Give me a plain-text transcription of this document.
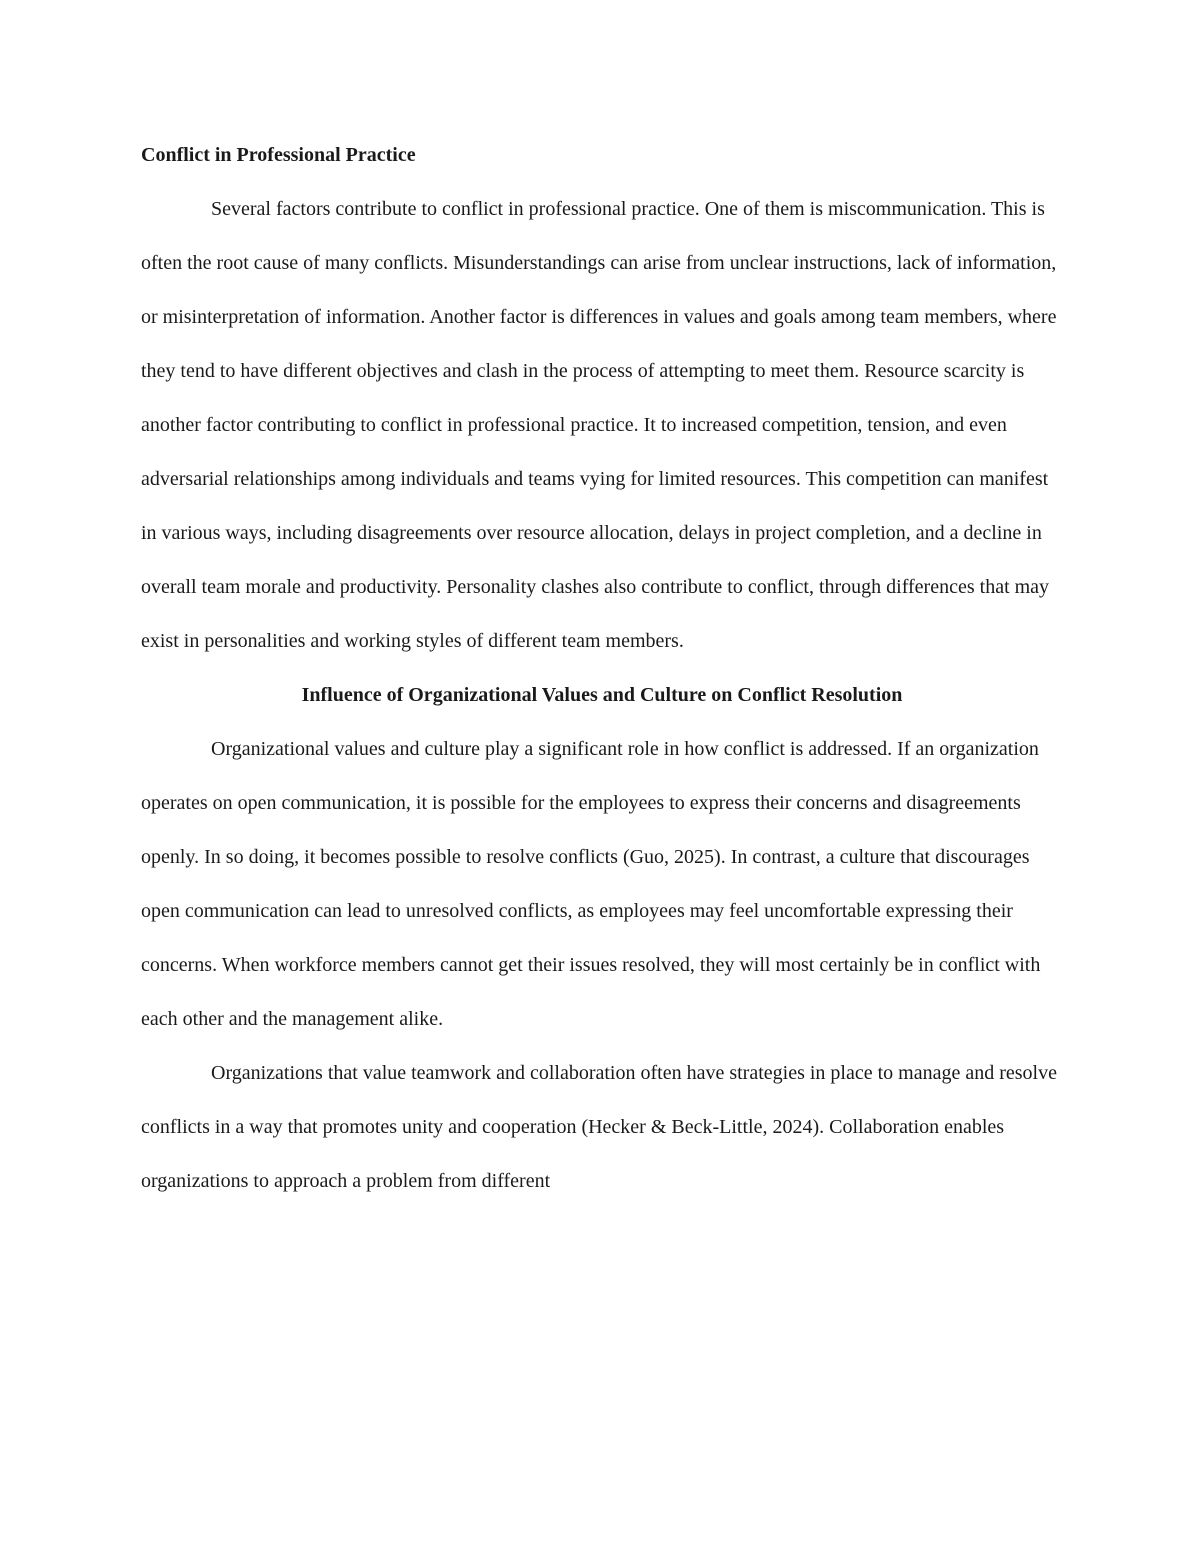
Conflict in Professional Practice

Several factors contribute to conflict in professional practice. One of them is miscommunication. This is often the root cause of many conflicts. Misunderstandings can arise from unclear instructions, lack of information, or misinterpretation of information. Another factor is differences in values and goals among team members, where they tend to have different objectives and clash in the process of attempting to meet them. Resource scarcity is another factor contributing to conflict in professional practice. It to increased competition, tension, and even adversarial relationships among individuals and teams vying for limited resources. This competition can manifest in various ways, including disagreements over resource allocation, delays in project completion, and a decline in overall team morale and productivity. Personality clashes also contribute to conflict, through differences that may exist in personalities and working styles of different team members.

Influence of Organizational Values and Culture on Conflict Resolution

Organizational values and culture play a significant role in how conflict is addressed. If an organization operates on open communication, it is possible for the employees to express their concerns and disagreements openly. In so doing, it becomes possible to resolve conflicts (Guo, 2025). In contrast, a culture that discourages open communication can lead to unresolved conflicts, as employees may feel uncomfortable expressing their concerns. When workforce members cannot get their issues resolved, they will most certainly be in conflict with each other and the management alike.

Organizations that value teamwork and collaboration often have strategies in place to manage and resolve conflicts in a way that promotes unity and cooperation (Hecker & Beck-Little, 2024). Collaboration enables organizations to approach a problem from different
